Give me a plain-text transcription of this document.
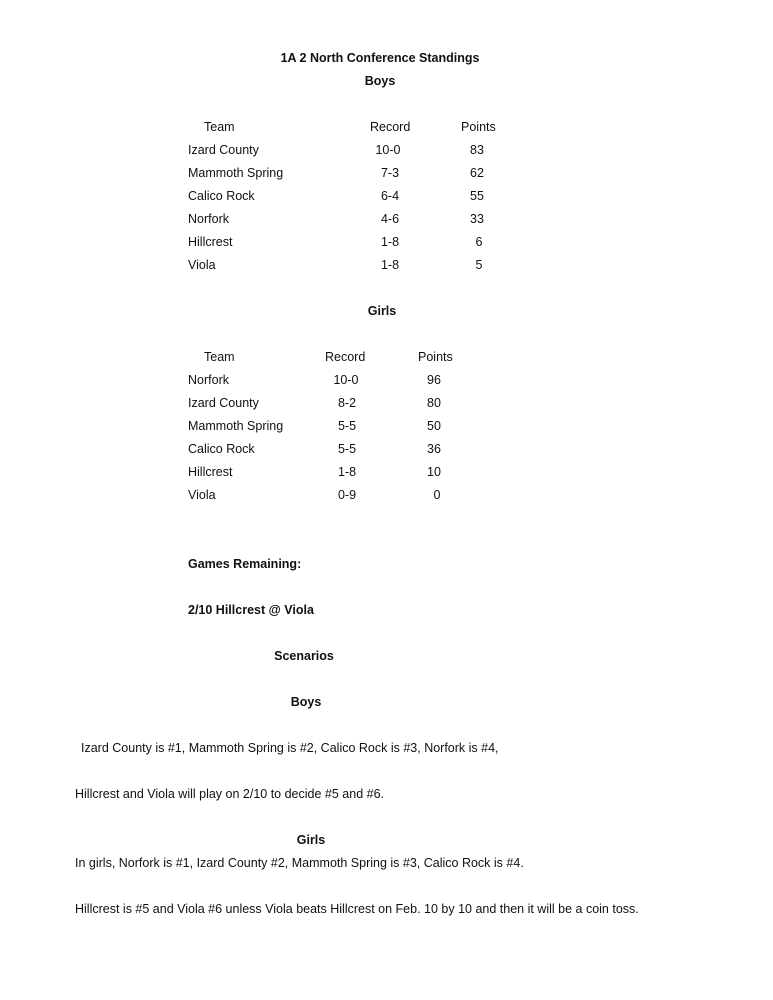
1A 2 North Conference Standings
Boys
Team	Record	Points
Izard County	10-0	83
Mammoth Spring	7-3	62
Calico Rock	6-4	55
Norfork	4-6	33
Hillcrest	1-8	6
Viola	1-8	5
Girls
Team	Record	Points
Norfork	10-0	96
Izard County	8-2	80
Mammoth Spring	5-5	50
Calico Rock	5-5	36
Hillcrest	1-8	10
Viola	0-9	0
Games Remaining:
2/10 Hillcrest @ Viola
Scenarios
Boys
Izard County is #1, Mammoth Spring is #2, Calico Rock is #3, Norfork is #4,
Hillcrest and Viola will play on 2/10 to decide #5 and #6.
Girls
In girls, Norfork is #1, Izard County #2, Mammoth Spring is #3, Calico Rock is #4.
Hillcrest is #5 and Viola #6 unless Viola beats Hillcrest on Feb. 10 by 10 and then it will be a coin toss.
